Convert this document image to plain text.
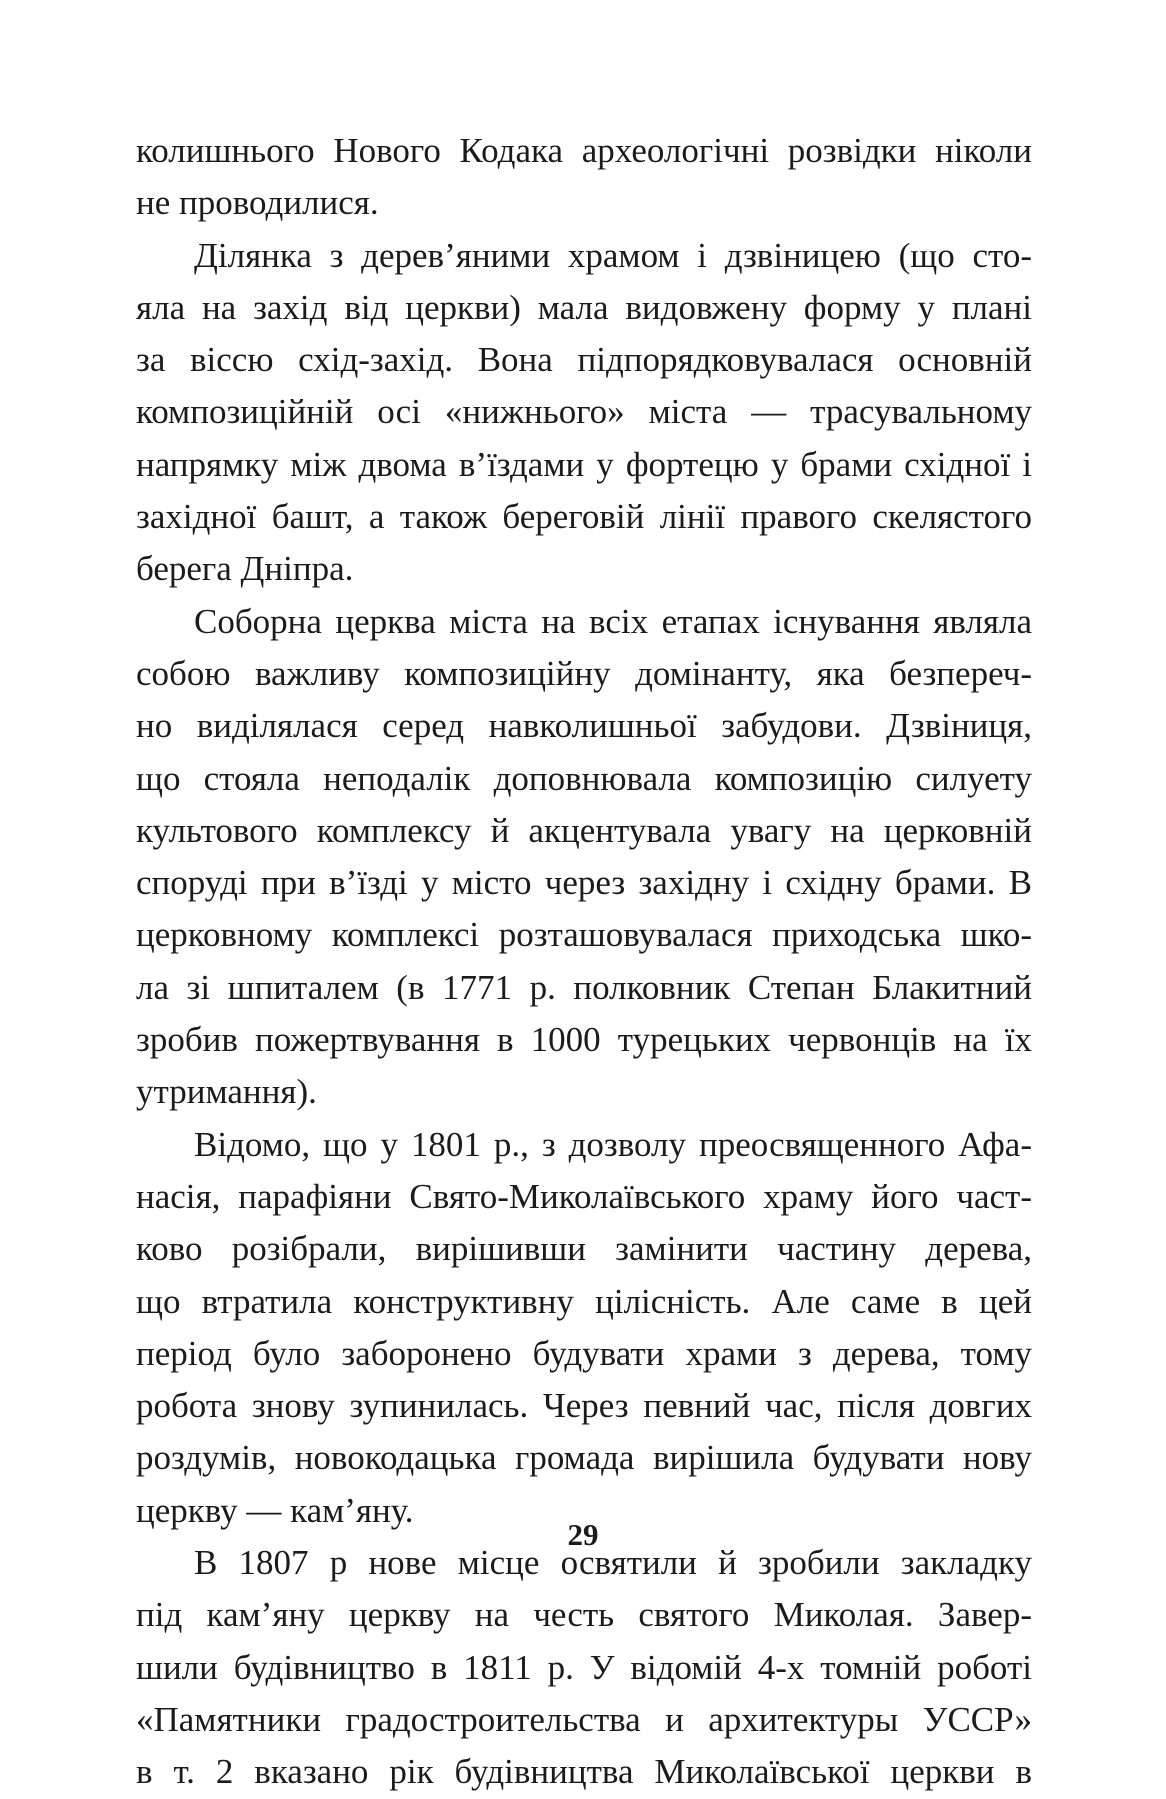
колишнього Нового Кодака археологічні розвідки ніколи
не проводилися.
Ділянка з дерев’яними храмом і дзвіницею (що сто-
яла на захід від церкви) мала видовжену форму у плані
за віссю схід-захід. Вона підпорядковувалася основній
композиційній осі «нижнього» міста — трасувальному
напрямку між двома в’їздами у фортецю у брами східної і
західної башт, а також береговій лінії правого скелястого
берега Дніпра.
Соборна церква міста на всіх етапах існування являла
собою важливу композиційну домінанту, яка безпереч-
но виділялася серед навколишньої забудови. Дзвіниця,
що стояла неподалік доповнювала композицію силуету
культового комплексу й акцентувала увагу на церковній
споруді при в’їзді у місто через західну і східну брами. В
церковному комплексі розташовувалася приходська шко-
ла зі шпиталем (в 1771 р. полковник Степан Блакитний
зробив пожертвування в 1000 турецьких червонців на їх
утримання).
Відомо, що у 1801 р., з дозволу преосвященного Афа-
насія, парафіяни Свято-Миколаївського храму його част-
ково розібрали, вирішивши замінити частину дерева,
що втратила конструктивну цілісність. Але саме в цей
період було заборонено будувати храми з дерева, тому
робота знову зупинилась. Через певний час, після довгих
роздумів, новокодацька громада вирішила будувати нову
церкву — кам’яну.
В 1807 р нове місце освятили й зробили закладку
під кам’яну церкву на честь святого Миколая. Завер-
шили будівництво в 1811 р. У відомій 4-х томній роботі
«Памятники градостроительства и архитектуры УССР»
в т. 2 вказано рік будівництва Миколаївської церкви в
29
